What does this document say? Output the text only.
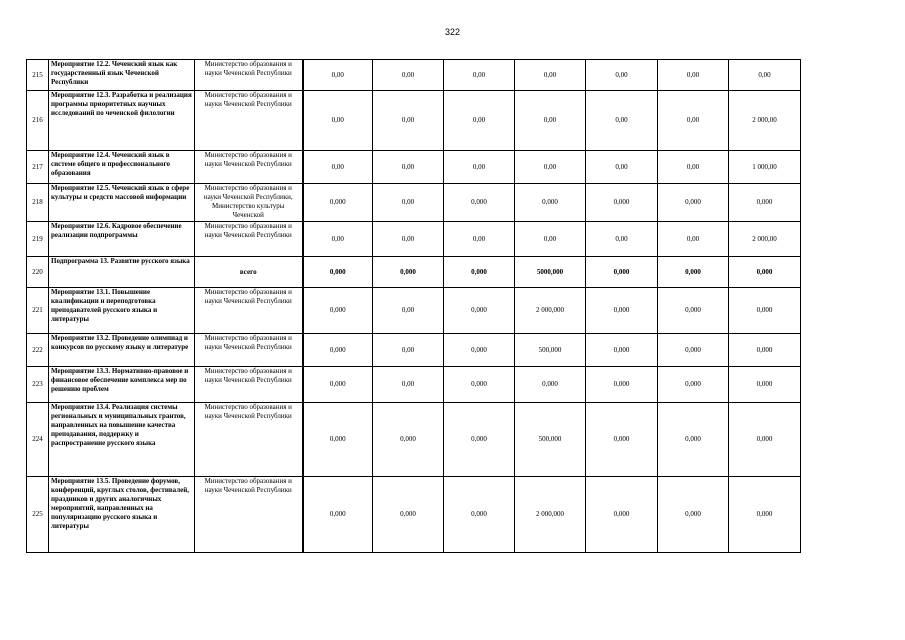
322
215	Мероприятие 12.2. Чеченский язык как государственный язык Чеченской Республики	Министерство образования и науки Чеченской Республики	0,00	0,00	0,00	0,00	0,00	0,00	0,00
216	Мероприятие 12.3. Разработка и реализация программы приоритетных научных исследований по чеченской филологии	Министерство образования и науки Чеченской Республики	0,00	0,00	0,00	0,00	0,00	0,00	2 000,00
217	Мероприятие 12.4. Чеченский язык в системе общего и профессионального образования	Министерство образования и науки Чеченской Республики	0,00	0,00	0,00	0,00	0,00	0,00	1 000,00
218	Мероприятие 12.5. Чеченский язык в сфере культуры и средств массовой информации	Министерство образования и науки Чеченской Республики, Министерство культуры Чеченской	0,000	0,00	0,000	0,000	0,000	0,000	0,000
219	Мероприятие 12.6. Кадровое обеспечение реализации подпрограммы	Министерство образования и науки Чеченской Республики	0,00	0,00	0,00	0,00	0,00	0,00	2 000,00
220	Подпрограмма 13. Развитие русского языка	всего	0,000	0,000	0,000	5000,000	0,000	0,000	0,000
221	Мероприятие 13.1. Повышение квалификации и переподготовка преподавателей русского языка и литературы	Министерство образования и науки Чеченской Республики	0,000	0,00	0,000	2 000,000	0,000	0,000	0,000
222	Мероприятие 13.2. Проведение олимпиад и конкурсов по русскому языку и литературе	Министерство образования и науки Чеченской Республики	0,000	0,00	0,000	500,000	0,000	0,000	0,000
223	Мероприятие 13.3. Нормативно-правовое и финансовое обеспечение комплекса мер по решению проблем	Министерство образования и науки Чеченской Республики	0,000	0,00	0,000	0,000	0,000	0,000	0,000
224	Мероприятие 13.4. Реализация системы региональных и муниципальных грантов, направленных на повышение качества преподавания, поддержку и распространение русского языка	Министерство образования и науки Чеченской Республики	0,000	0,000	0,000	500,000	0,000	0,000	0,000
225	Мероприятие 13.5. Проведение форумов, конференций, круглых столов, фестивалей, праздников и других аналогичных мероприятий, направленных на популяризацию русского языка и литературы	Министерство образования и науки Чеченской Республики	0,000	0,000	0,000	2 000,000	0,000	0,000	0,000
